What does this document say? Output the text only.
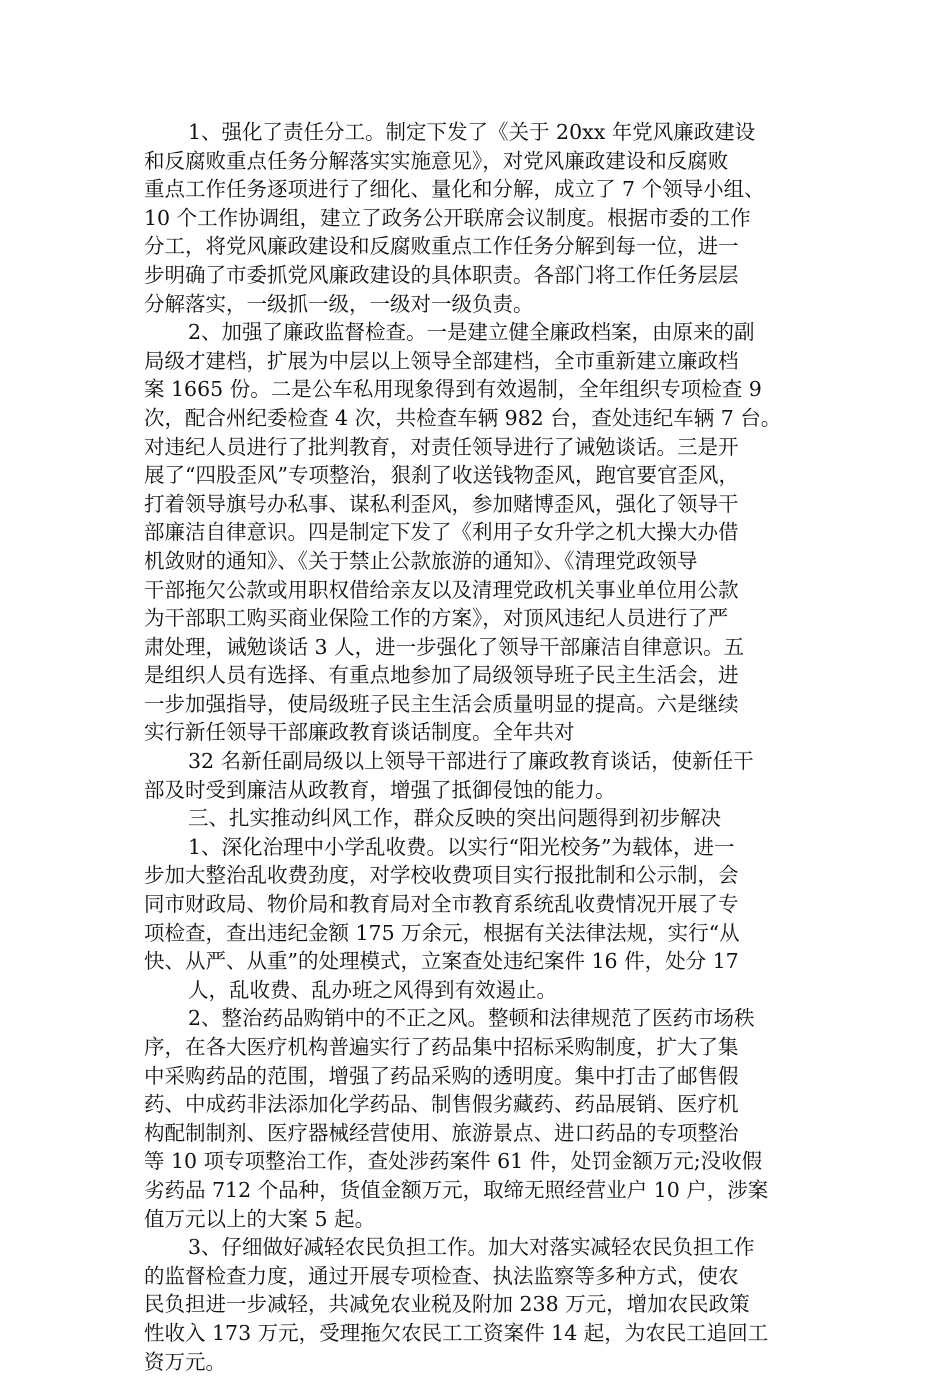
1、强化了责任分工。制定下发了《关于 20xx 年党风廉政建设
和反腐败重点任务分解落实实施意见》，对党风廉政建设和反腐败
重点工作任务逐项进行了细化、量化和分解，成立了 7 个领导小组、
10 个工作协调组，建立了政务公开联席会议制度。根据市委的工作
分工，将党风廉政建设和反腐败重点工作任务分解到每一位，进一
步明确了市委抓党风廉政建设的具体职责。各部门将工作任务层层
分解落实，一级抓一级，一级对一级负责。
2、加强了廉政监督检查。一是建立健全廉政档案，由原来的副
局级才建档，扩展为中层以上领导全部建档，全市重新建立廉政档
案 1665 份。二是公车私用现象得到有效遏制，全年组织专项检查 9
次，配合州纪委检查 4 次，共检查车辆 982 台，查处违纪车辆 7 台。
对违纪人员进行了批判教育，对责任领导进行了诫勉谈话。三是开
展了“四股歪风”专项整治，狠刹了收送钱物歪风，跑官要官歪风，
打着领导旗号办私事、谋私利歪风，参加赌博歪风，强化了领导干
部廉洁自律意识。四是制定下发了《利用子女升学之机大操大办借
机敛财的通知》、《关于禁止公款旅游的通知》、《清理党政领导
干部拖欠公款或用职权借给亲友以及清理党政机关事业单位用公款
为干部职工购买商业保险工作的方案》，对顶风违纪人员进行了严
肃处理，诫勉谈话 3 人，进一步强化了领导干部廉洁自律意识。五
是组织人员有选择、有重点地参加了局级领导班子民主生活会，进
一步加强指导，使局级班子民主生活会质量明显的提高。六是继续
实行新任领导干部廉政教育谈话制度。全年共对
32 名新任副局级以上领导干部进行了廉政教育谈话，使新任干
部及时受到廉洁从政教育，增强了抵御侵蚀的能力。
三、扎实推动纠风工作，群众反映的突出问题得到初步解决
1、深化治理中小学乱收费。以实行“阳光校务”为载体，进一
步加大整治乱收费劲度，对学校收费项目实行报批制和公示制，会
同市财政局、物价局和教育局对全市教育系统乱收费情况开展了专
项检查，查出违纪金额 175 万余元，根据有关法律法规，实行“从
快、从严、从重”的处理模式，立案查处违纪案件 16 件，处分 17
人，乱收费、乱办班之风得到有效遏止。
2、整治药品购销中的不正之风。整顿和法律规范了医药市场秩
序，在各大医疗机构普遍实行了药品集中招标采购制度，扩大了集
中采购药品的范围，增强了药品采购的透明度。集中打击了邮售假
药、中成药非法添加化学药品、制售假劣藏药、药品展销、医疗机
构配制制剂、医疗器械经营使用、旅游景点、进口药品的专项整治
等 10 项专项整治工作，查处涉药案件 61 件，处罚金额万元;没收假
劣药品 712 个品种，货值金额万元，取缔无照经营业户 10 户，涉案
值万元以上的大案 5 起。
3、仔细做好减轻农民负担工作。加大对落实减轻农民负担工作
的监督检查力度，通过开展专项检查、执法监察等多种方式，使农
民负担进一步减轻，共减免农业税及附加 238 万元，增加农民政策
性收入 173 万元，受理拖欠农民工工资案件 14 起，为农民工追回工
资万元。
